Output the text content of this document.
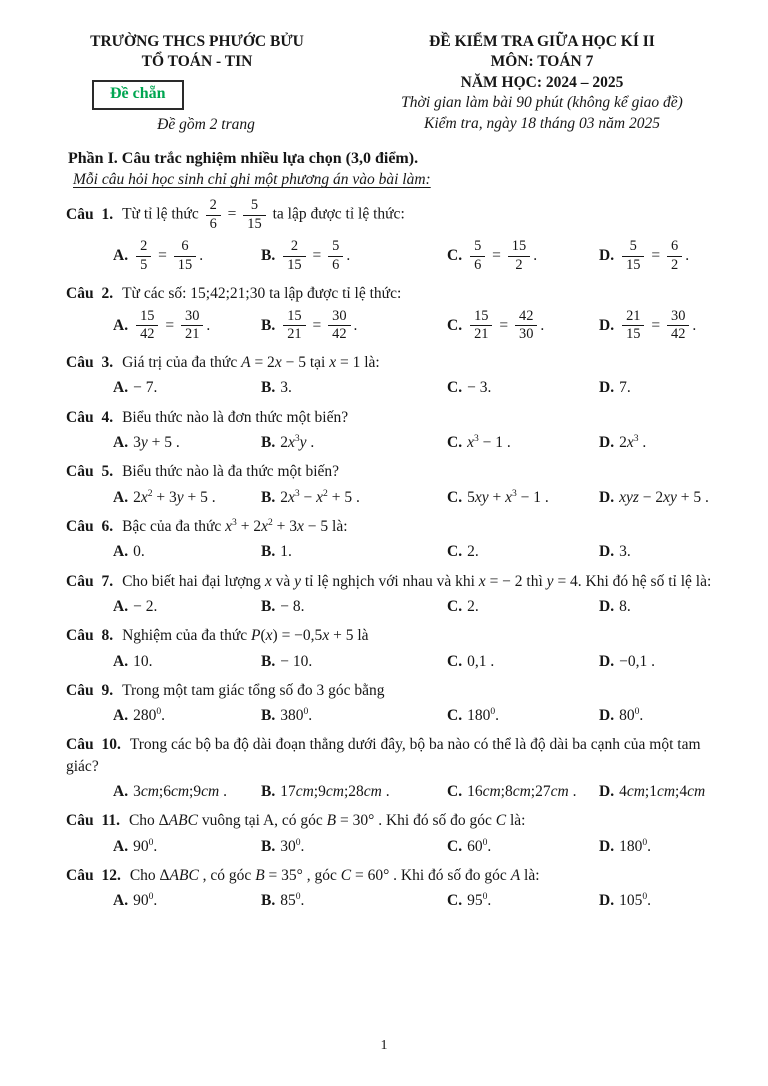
TRƯỜNG THCS PHƯỚC BỬU
TỔ TOÁN - TIN
Đề chẵn
Đề gồm 2 trang
ĐỀ KIỂM TRA GIỮA HỌC KÍ II
MÔN: TOÁN 7
NĂM HỌC: 2024 – 2025
Thời gian làm bài 90 phút (không kể giao đề)
Kiểm tra, ngày 18 tháng 03 năm 2025
Phần I. Câu trắc nghiệm nhiều lựa chọn (3,0 điểm).
Mỗi câu hỏi học sinh chỉ ghi một phương án vào bài làm:

Câu 1. Từ tỉ lệ thức $\frac{2}{6} = \frac{5}{15}$ ta lập được tỉ lệ thức:

A. $\frac{2}{5} = \frac{6}{15}$ .	B. $\frac{2}{15} = \frac{5}{6}$ .	C. $\frac{5}{6} = \frac{15}{2}$ .	D. $\frac{5}{15} = \frac{6}{2}$ .

Câu 2. Từ các số: 15;42;21;30 ta lập được tỉ lệ thức:

A. $\frac{15}{42} = \frac{30}{21}$ .	B. $\frac{15}{21} = \frac{30}{42}$ .	C. $\frac{15}{21} = \frac{42}{30}$ .	D. $\frac{21}{15} = \frac{30}{42}$ .

Câu 3. Giá trị của đa thức A = 2x − 5 tại x = 1 là:

A. − 7.	B. 3.	C. − 3.	D. 7.

Câu 4. Biểu thức nào là đơn thức một biến?

A. 3y + 5 .	B. $2x^3y$ .	C. $x^3 - 1$ .	D. $2x^3$ .

Câu 5. Biểu thức nào là đa thức một biến?

A. $2x^2 + 3y + 5$ .	B. $2x^3 - x^2 + 5$ .	C. $5xy + x^3 - 1$ .	D. xyz − 2xy + 5 .

Câu 6. Bậc của đa thức $x^3 + 2x^2 + 3x - 5$ là:

A. 0.	B. 1.	C. 2.	D. 3.

Câu 7. Cho biết hai đại lượng x và y tỉ lệ nghịch với nhau và khi x = − 2 thì y = 4. Khi đó hệ số tỉ lệ là:

A. − 2.	B. − 8.	C. 2.	D. 8.

Câu 8. Nghiệm của đa thức P(x) = −0,5x + 5 là

A. 10.	B. − 10.	C. 0,1 .	D. −0,1 .

Câu 9. Trong một tam giác tổng số đo 3 góc bằng

A. $280^0$.	B. $380^0$.	C. $180^0$.	D. $80^0$.

Câu 10. Trong các bộ ba độ dài đoạn thẳng dưới đây, bộ ba nào có thể là độ dài ba cạnh của một tam giác?

A. 3cm;6cm;9cm .	B. 17cm;9cm;28cm .	C. 16cm;8cm;27cm .	D. 4cm;1cm;4cm

Câu 11. Cho ΔABC vuông tại A, có góc B = 30° . Khi đó số đo góc C là:

A. $90^0$.	B. $30^0$.	C. $60^0$.	D. $180^0$.

Câu 12. Cho ΔABC , có góc B = 35° , góc C = 60° . Khi đó số đo góc A là:

A. $90^0$.	B. $85^0$.	C. $95^0$.	D. $105^0$.
1
